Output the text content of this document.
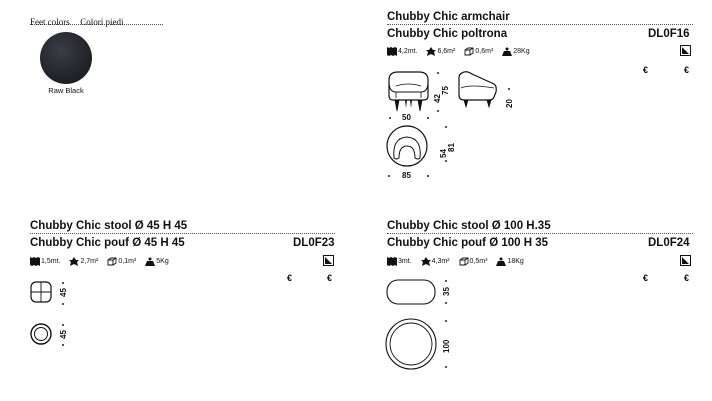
Feet colors Colori piedi
Raw Black
Chubby Chic armchair
Chubby Chic poltrona	DL0F16
4,2mt.	6,6m²	0,6m³	28Kg
€	€
50
42
75
20
54
81
85
Chubby Chic stool Ø 45 H 45
Chubby Chic pouf Ø 45 H 45	DL0F23
1,5mt.	2,7m²	0,1m³	5Kg
€	€
45
45
Chubby Chic stool Ø 100 H.35
Chubby Chic pouf Ø 100 H 35	DL0F24
3mt.	4,3m²	0,5m³	18Kg
€	€
35
100
